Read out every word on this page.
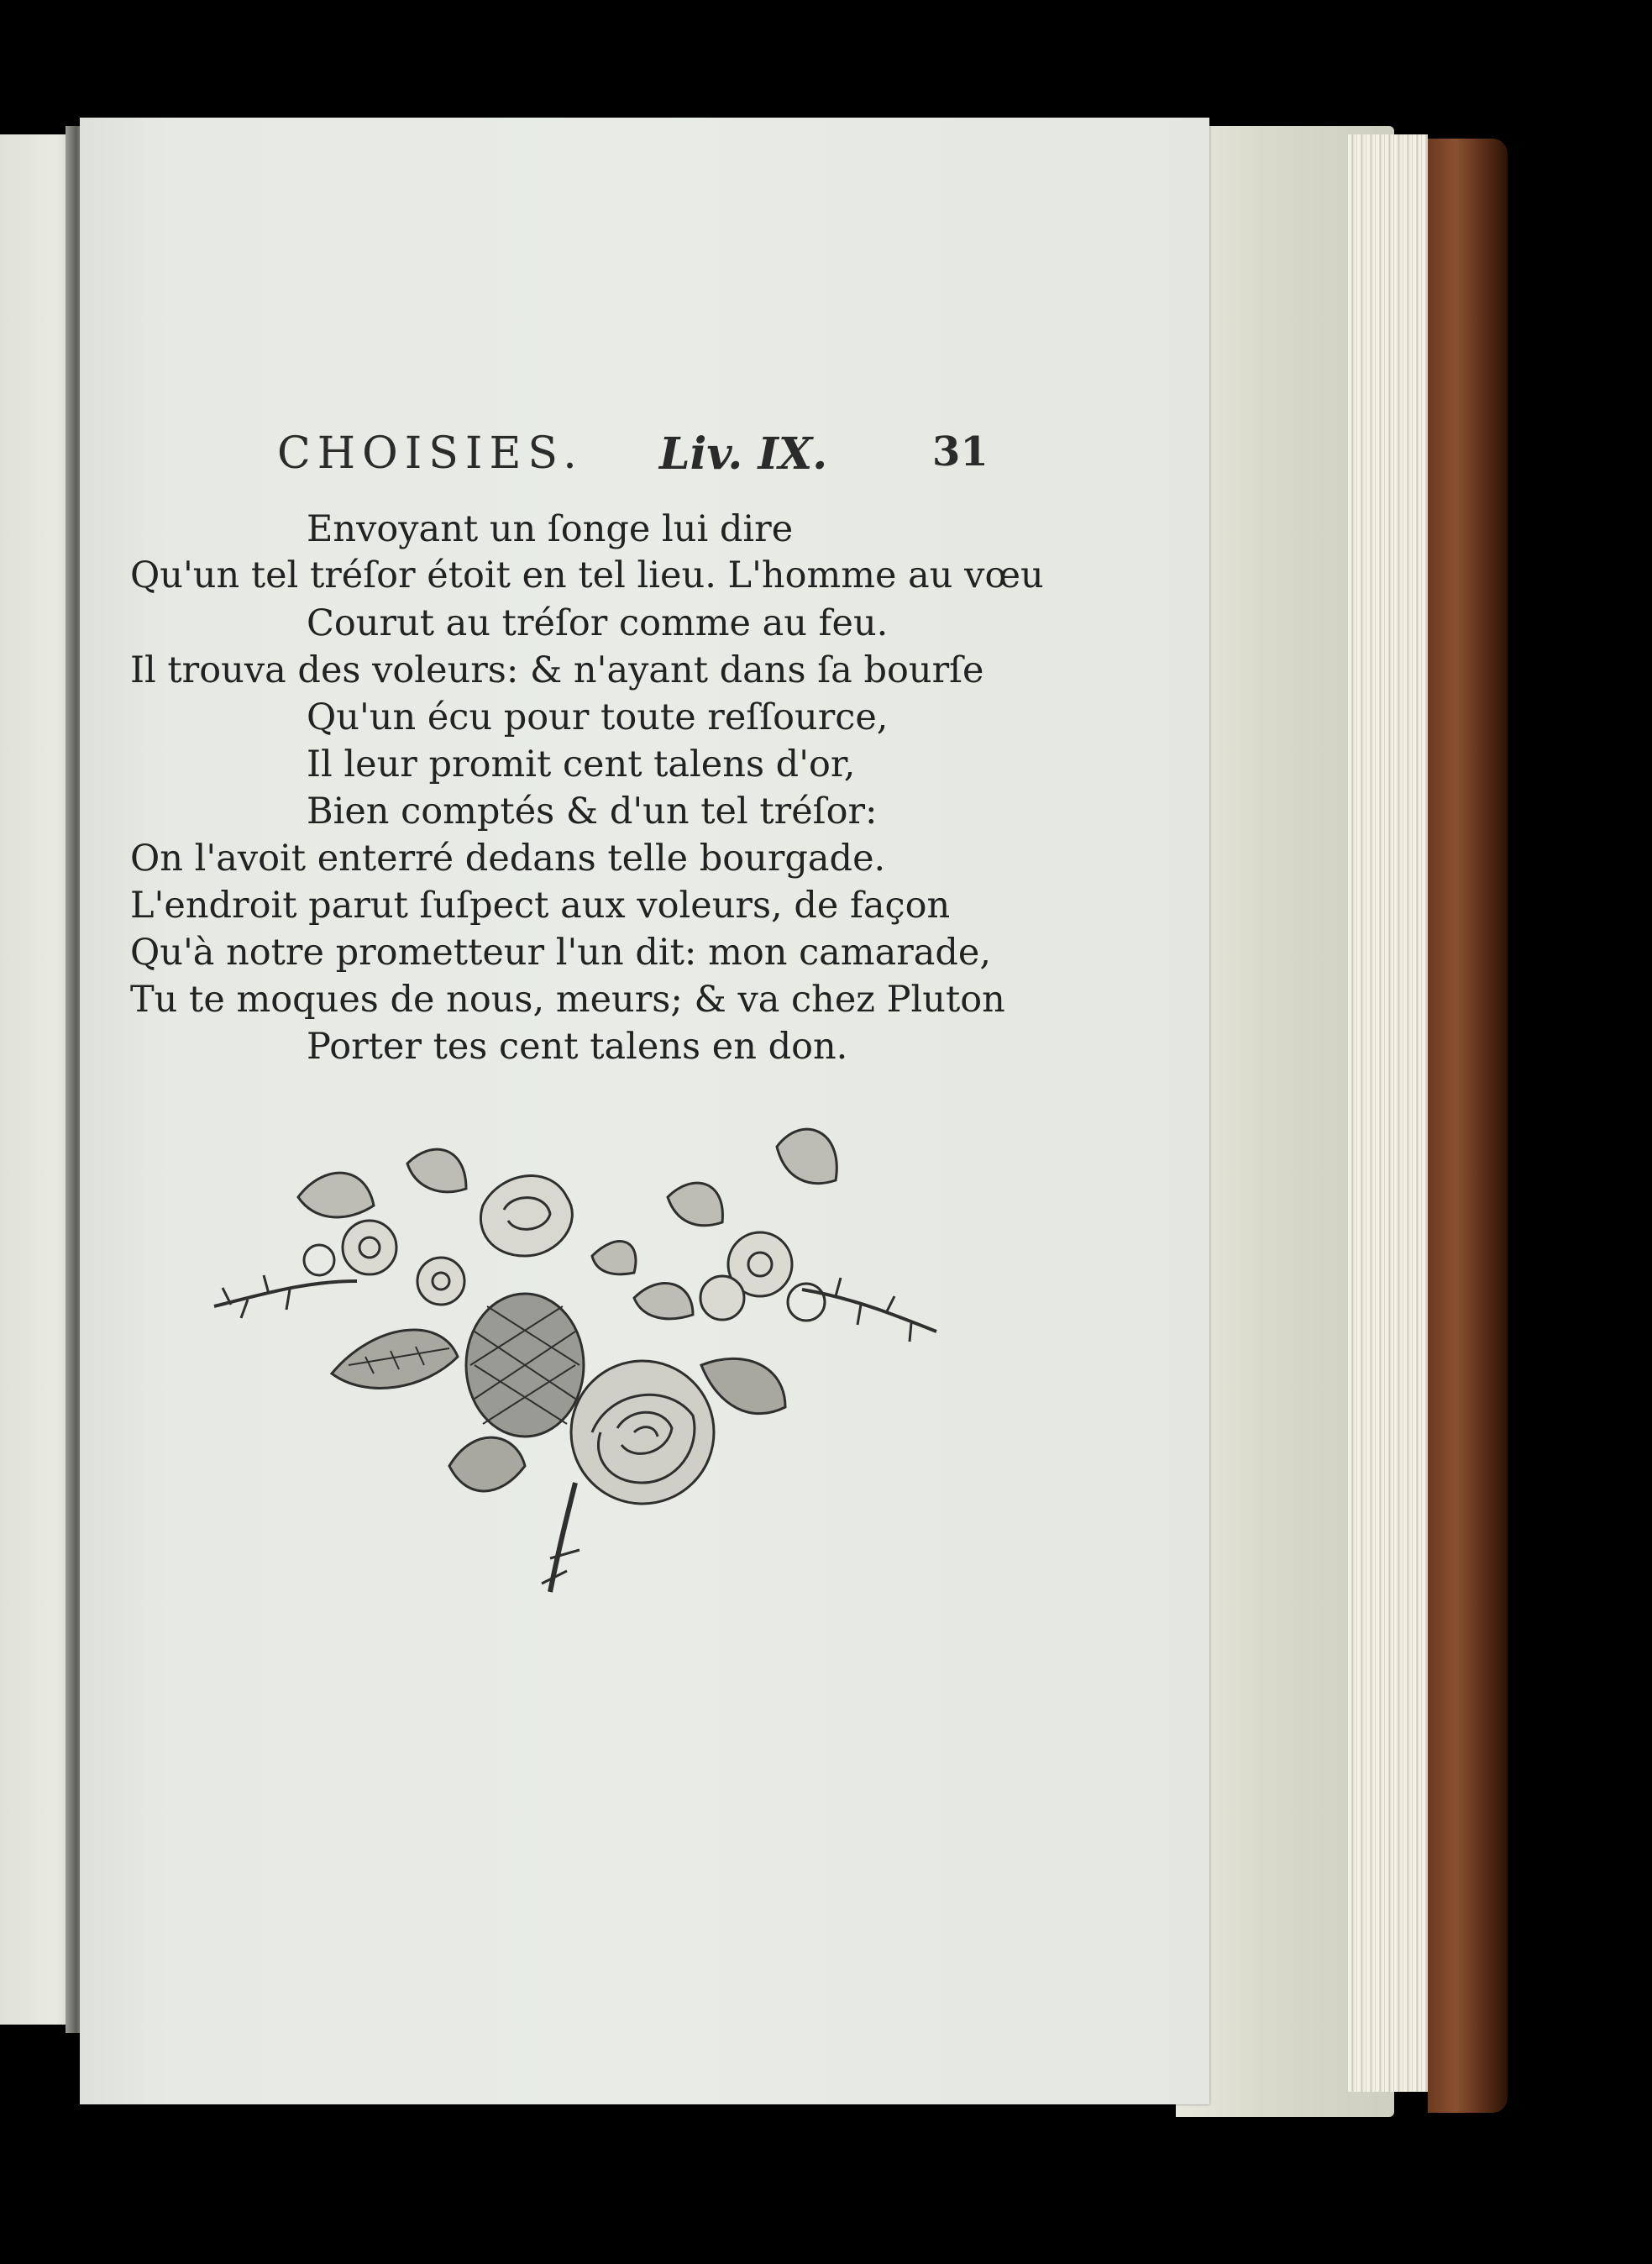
CHOISIES. Liv. IX.	31
Envoyant un ſonge lui dire
Qu'un tel tréſor étoit en tel lieu. L'homme au vœu
Courut au tréſor comme au feu.
Il trouva des voleurs: & n'ayant dans ſa bourſe
Qu'un écu pour toute reſſource,
Il leur promit cent talens d'or,
Bien comptés & d'un tel tréſor:
On l'avoit enterré dedans telle bourgade.
L'endroit parut ſuſpect aux voleurs, de façon
Qu'à notre prometteur l'un dit: mon camarade,
Tu te moques de nous, meurs; & va chez Pluton
Porter tes cent talens en don.
